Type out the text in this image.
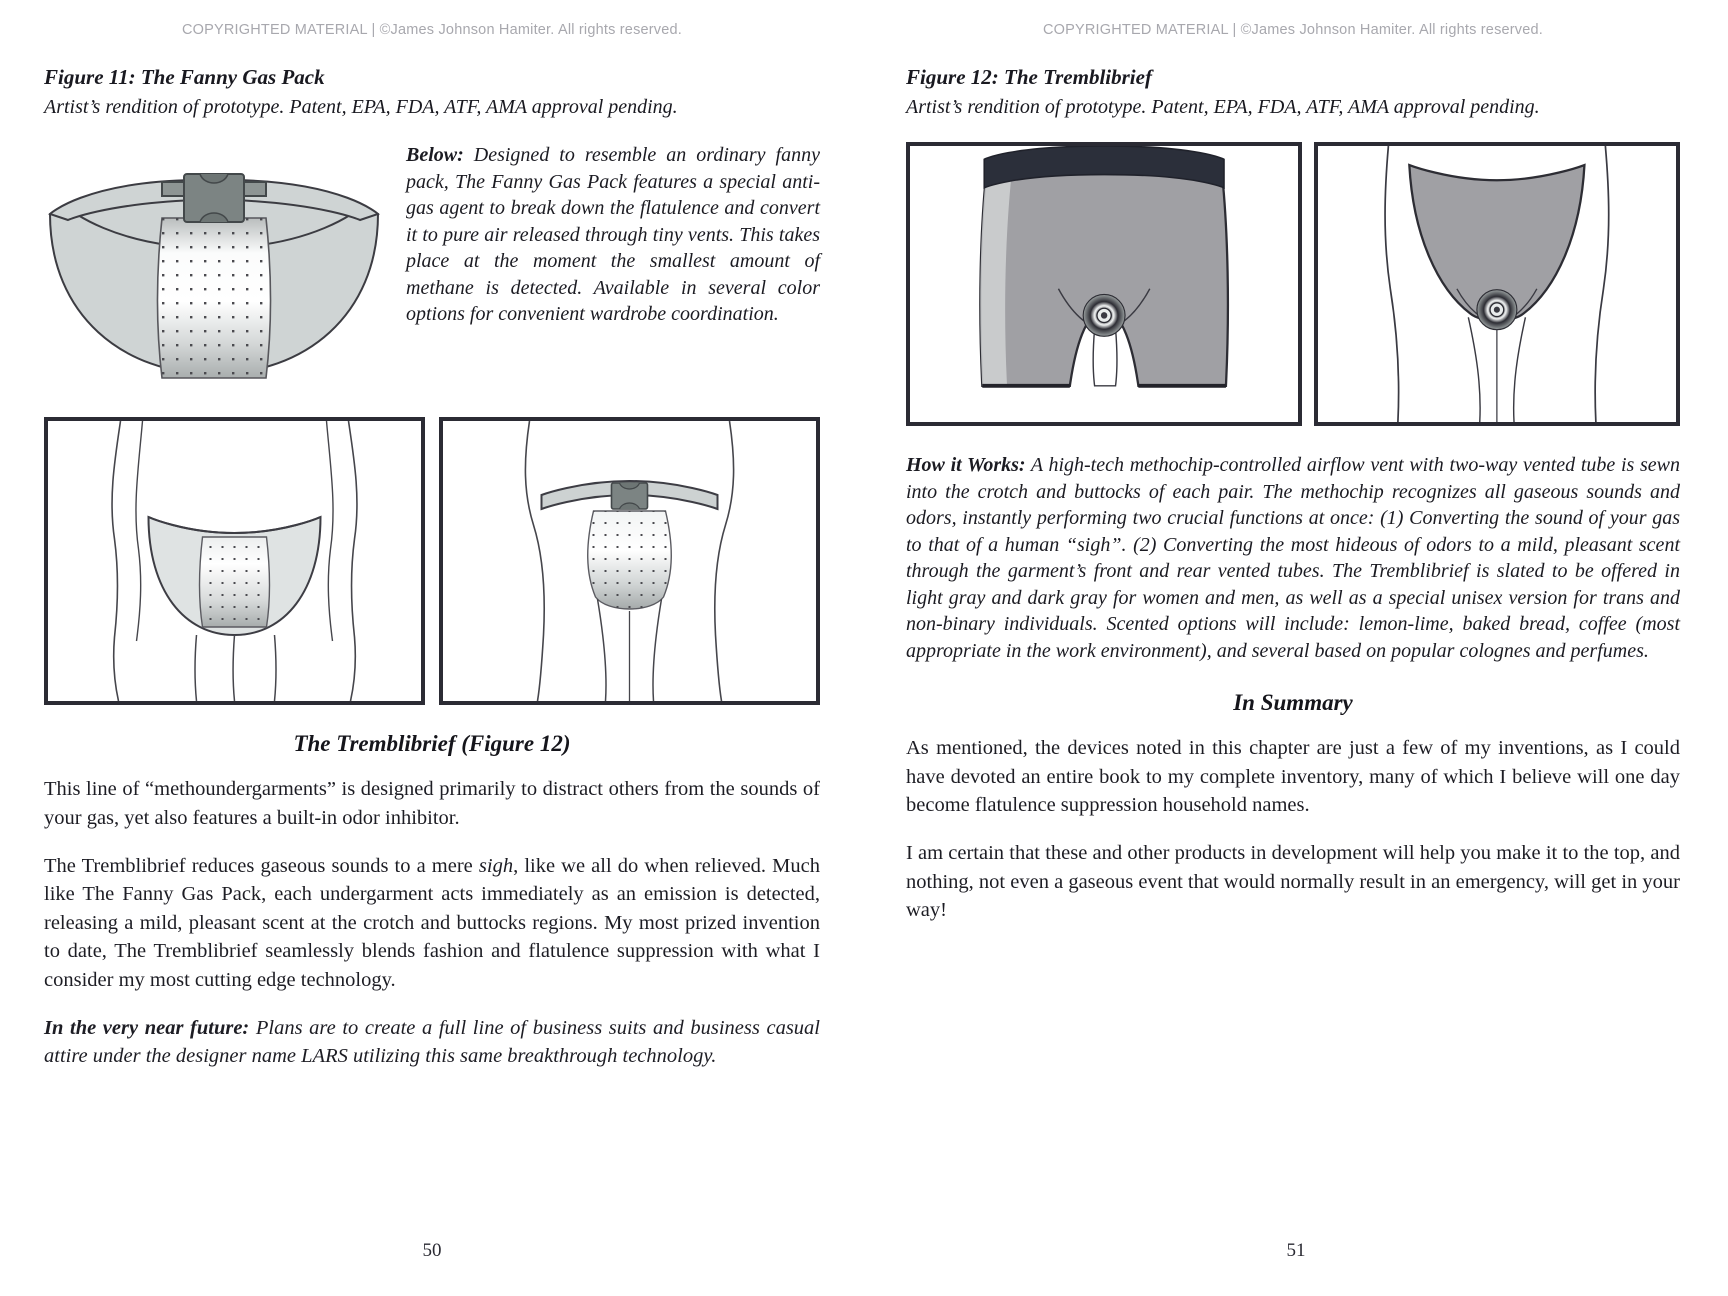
COPYRIGHTED MATERIAL | ©James Johnson Hamiter. All rights reserved.
Figure 11: The Fanny Gas Pack
Artist’s rendition of prototype. Patent, EPA, FDA, ATF, AMA approval pending.

Below: Designed to resemble an ordinary fanny pack, The Fanny Gas Pack features a special anti-gas agent to break down the flatulence and convert it to pure air released through tiny vents. This takes place at the moment the smallest amount of methane is detected. Available in several color options for convenient wardrobe coordination.

The Tremblibrief (Figure 12)

This line of “methoundergarments” is designed primarily to distract others from the sounds of your gas, yet also features a built-in odor inhibitor.

The Tremblibrief reduces gaseous sounds to a mere sigh, like we all do when relieved. Much like The Fanny Gas Pack, each undergarment acts immediately as an emission is detected, releasing a mild, pleasant scent at the crotch and buttocks regions. My most prized invention to date, The Tremblibrief seamlessly blends fashion and flatulence suppression with what I consider my most cutting edge technology.

In the very near future: Plans are to create a full line of business suits and business casual attire under the designer name LARS utilizing this same breakthrough technology.

50
COPYRIGHTED MATERIAL | ©James Johnson Hamiter. All rights reserved.
Figure 12: The Tremblibrief
Artist’s rendition of prototype. Patent, EPA, FDA, ATF, AMA approval pending.

How it Works: A high-tech methochip-controlled airflow vent with two-way vented tube is sewn into the crotch and buttocks of each pair. The methochip recognizes all gaseous sounds and odors, instantly performing two crucial functions at once: (1) Converting the sound of your gas to that of a human “sigh”. (2) Converting the most hideous of odors to a mild, pleasant scent through the garment’s front and rear vented tubes. The Tremblibrief is slated to be offered in light gray and dark gray for women and men, as well as a special unisex version for trans and non-binary individuals. Scented options will include: lemon-lime, baked bread, coffee (most appropriate in the work environment), and several based on popular colognes and perfumes.

In Summary

As mentioned, the devices noted in this chapter are just a few of my inventions, as I could have devoted an entire book to my complete inventory, many of which I believe will one day become flatulence suppression household names.

I am certain that these and other products in development will help you make it to the top, and nothing, not even a gaseous event that would normally result in an emergency, will get in your way!

51
